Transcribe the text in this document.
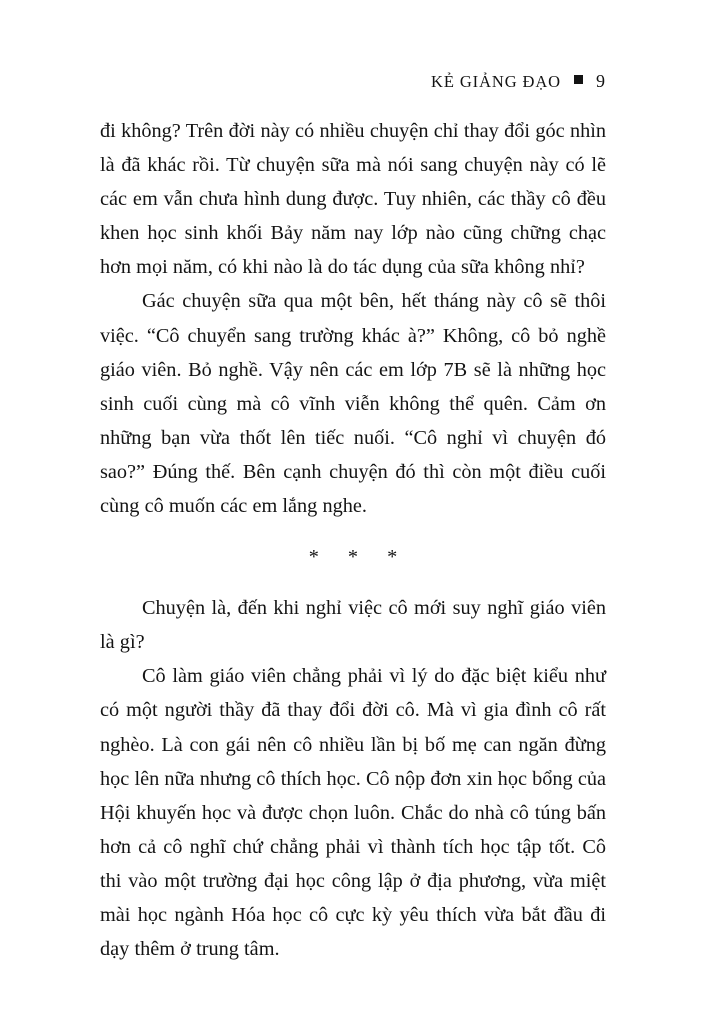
KẺ GIẢNG ĐẠO 9

đi không? Trên đời này có nhiều chuyện chỉ thay đổi góc nhìn là đã khác rồi. Từ chuyện sữa mà nói sang chuyện này có lẽ các em vẫn chưa hình dung được. Tuy nhiên, các thầy cô đều khen học sinh khối Bảy năm nay lớp nào cũng chững chạc hơn mọi năm, có khi nào là do tác dụng của sữa không nhỉ?

Gác chuyện sữa qua một bên, hết tháng này cô sẽ thôi việc. “Cô chuyển sang trường khác à?” Không, cô bỏ nghề giáo viên. Bỏ nghề. Vậy nên các em lớp 7B sẽ là những học sinh cuối cùng mà cô vĩnh viễn không thể quên. Cảm ơn những bạn vừa thốt lên tiếc nuối. “Cô nghỉ vì chuyện đó sao?” Đúng thế. Bên cạnh chuyện đó thì còn một điều cuối cùng cô muốn các em lắng nghe.

* * *

Chuyện là, đến khi nghỉ việc cô mới suy nghĩ giáo viên là gì?

Cô làm giáo viên chẳng phải vì lý do đặc biệt kiểu như có một người thầy đã thay đổi đời cô. Mà vì gia đình cô rất nghèo. Là con gái nên cô nhiều lần bị bố mẹ can ngăn đừng học lên nữa nhưng cô thích học. Cô nộp đơn xin học bổng của Hội khuyến học và được chọn luôn. Chắc do nhà cô túng bấn hơn cả cô nghĩ chứ chẳng phải vì thành tích học tập tốt. Cô thi vào một trường đại học công lập ở địa phương, vừa miệt mài học ngành Hóa học cô cực kỳ yêu thích vừa bắt đầu đi dạy thêm ở trung tâm.
